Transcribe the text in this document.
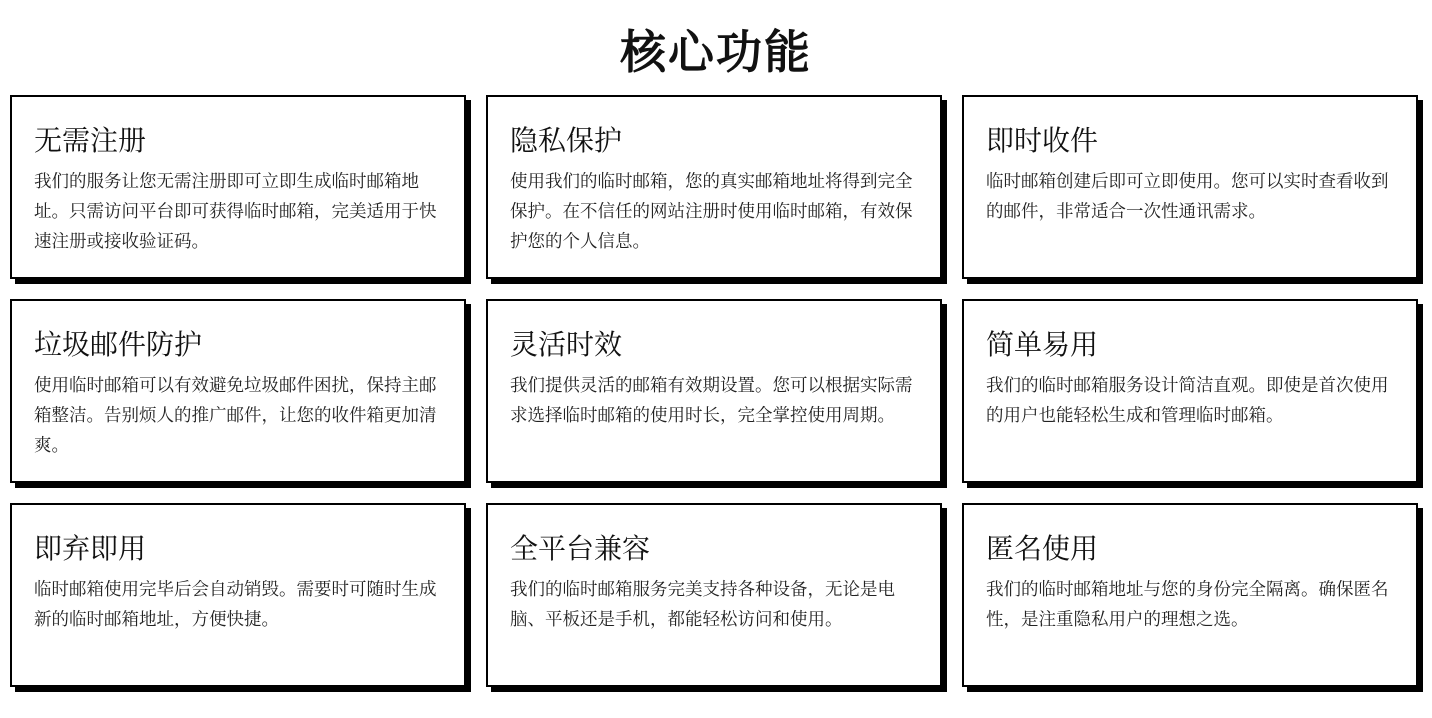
核心功能
无需注册
我们的服务让您无需注册即可立即生成临时邮箱地址。只需访问平台即可获得临时邮箱，完美适用于快速注册或接收验证码。
隐私保护
使用我们的临时邮箱，您的真实邮箱地址将得到完全保护。在不信任的网站注册时使用临时邮箱，有效保护您的个人信息。
即时收件
临时邮箱创建后即可立即使用。您可以实时查看收到的邮件，非常适合一次性通讯需求。
垃圾邮件防护
使用临时邮箱可以有效避免垃圾邮件困扰，保持主邮箱整洁。告别烦人的推广邮件，让您的收件箱更加清爽。
灵活时效
我们提供灵活的邮箱有效期设置。您可以根据实际需求选择临时邮箱的使用时长，完全掌控使用周期。
简单易用
我们的临时邮箱服务设计简洁直观。即使是首次使用的用户也能轻松生成和管理临时邮箱。
即弃即用
临时邮箱使用完毕后会自动销毁。需要时可随时生成新的临时邮箱地址，方便快捷。
全平台兼容
我们的临时邮箱服务完美支持各种设备，无论是电脑、平板还是手机，都能轻松访问和使用。
匿名使用
我们的临时邮箱地址与您的身份完全隔离。确保匿名性，是注重隐私用户的理想之选。
